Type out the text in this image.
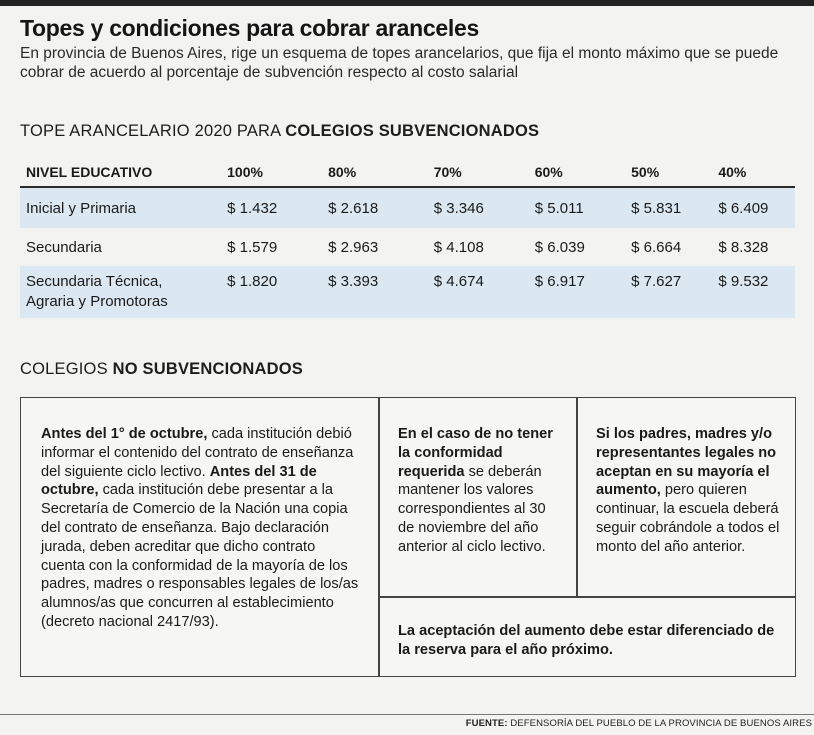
Topes y condiciones para cobrar aranceles
En provincia de Buenos Aires, rige un esquema de topes arancelarios, que fija el monto máximo que se puede cobrar de acuerdo al porcentaje de subvención respecto al costo salarial
TOPE ARANCELARIO 2020 PARA COLEGIOS SUBVENCIONADOS
NIVEL EDUCATIVO	100%	80%	70%	60%	50%	40%
Inicial y Primaria	$ 1.432	$ 2.618	$ 3.346	$ 5.011	$ 5.831	$ 6.409
Secundaria	$ 1.579	$ 2.963	$ 4.108	$ 6.039	$ 6.664	$ 8.328
Secundaria Técnica,
Agraria y Promotoras	$ 1.820	$ 3.393	$ 4.674	$ 6.917	$ 7.627	$ 9.532
COLEGIOS NO SUBVENCIONADOS
Antes del 1° de octubre, cada institución debió informar el contenido del contrato de enseñanza del siguiente ciclo lectivo. Antes del 31 de octubre, cada institución debe presentar a la Secretaría de Comercio de la Nación una copia del contrato de enseñanza. Bajo declaración jurada, deben acreditar que dicho contrato cuenta con la conformidad de la mayoría de los padres, madres o responsables legales de los/as alumnos/as que concurren al establecimiento (decreto nacional 2417/93).
En el caso de no tener la conformidad requerida se deberán mantener los valores correspondientes al 30 de noviembre del año anterior al ciclo lectivo.
Si los padres, madres y/o representantes legales no aceptan en su mayoría el aumento, pero quieren continuar, la escuela deberá seguir cobrándole a todos el monto del año anterior.
La aceptación del aumento debe estar diferenciado de la reserva para el año próximo.
FUENTE: DEFENSORÍA DEL PUEBLO DE LA PROVINCIA DE BUENOS AIRES
